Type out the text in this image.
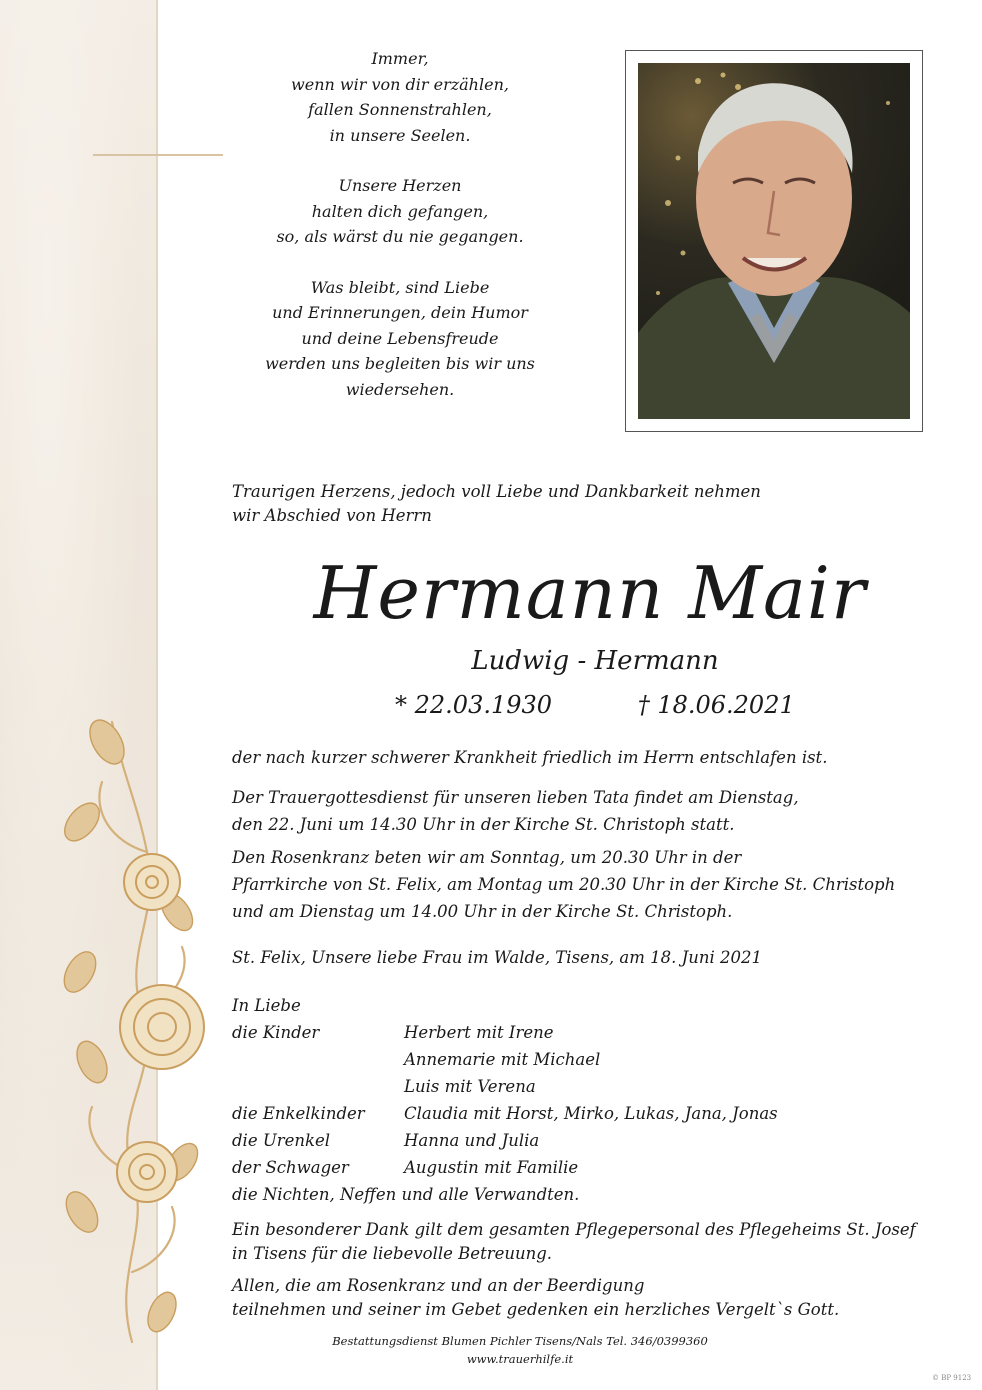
Immer,
wenn wir von dir erzählen,
fallen Sonnenstrahlen,
in unsere Seelen.
Unsere Herzen
halten dich gefangen,
so, als wärst du nie gegangen.
Was bleibt, sind Liebe
und Erinnerungen, dein Humor
und deine Lebensfreude
werden uns begleiten bis wir uns
wiedersehen.
Traurigen Herzens, jedoch voll Liebe und Dankbarkeit nehmen
wir Abschied von Herrn
Hermann Mair
Ludwig - Hermann
* 22.03.1930	† 18.06.2021
der nach kurzer schwerer Krankheit friedlich im Herrn entschlafen ist.
Der Trauergottesdienst für unseren lieben Tata findet am Dienstag,
den 22. Juni um 14.30 Uhr in der Kirche St. Christoph statt.
Den Rosenkranz beten wir am Sonntag, um 20.30 Uhr in der
Pfarrkirche von St. Felix, am Montag um 20.30 Uhr in der Kirche St. Christoph
und am Dienstag um 14.00 Uhr in der Kirche St. Christoph.
St. Felix, Unsere liebe Frau im Walde, Tisens, am 18. Juni 2021
In Liebe
die Kinder	Herbert mit Irene
Annemarie mit Michael
Luis mit Verena
die Enkelkinder	Claudia mit Horst, Mirko, Lukas, Jana, Jonas
die Urenkel	Hanna und Julia
der Schwager	Augustin mit Familie
die Nichten, Neffen und alle Verwandten.
Ein besonderer Dank gilt dem gesamten Pflegepersonal des Pflegeheims St. Josef
in Tisens für die liebevolle Betreuung.
Allen, die am Rosenkranz und an der Beerdigung
teilnehmen und seiner im Gebet gedenken ein herzliches Vergelt`s Gott.
Bestattungsdienst Blumen Pichler Tisens/Nals Tel. 346/0399360
www.trauerhilfe.it
© BP 9123
